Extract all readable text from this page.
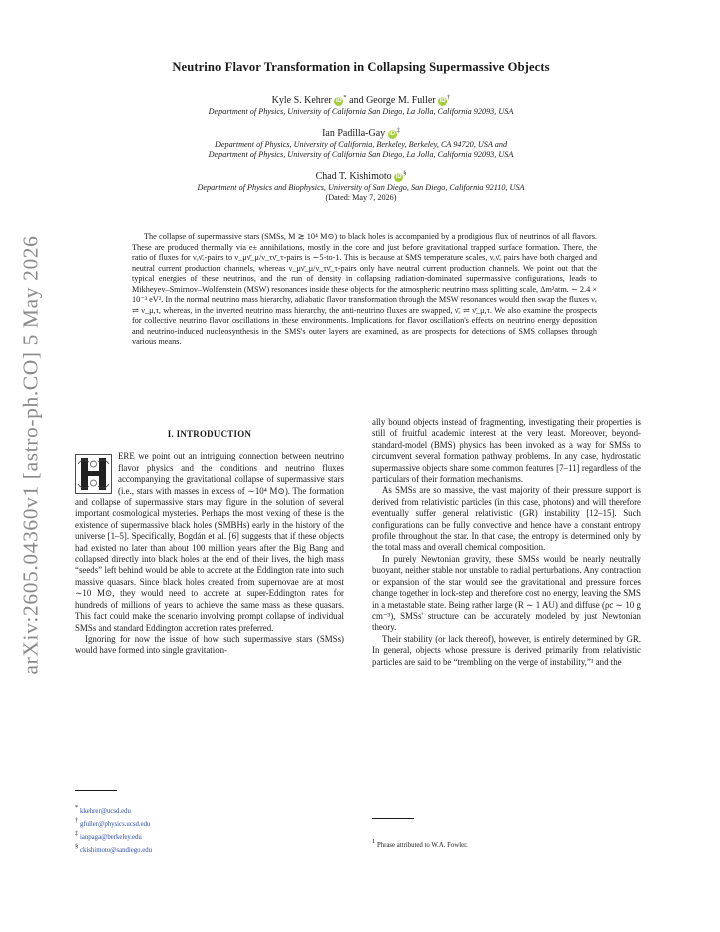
arXiv:2605.04360v1 [astro-ph.CO] 5 May 2026
Neutrino Flavor Transformation in Collapsing Supermassive Objects
Kyle S. Kehrer iD * and George M. Fuller iD †
Department of Physics, University of California San Diego, La Jolla, California 92093, USA
Ian Padilla-Gay iD ‡
Department of Physics, University of California, Berkeley, Berkeley, CA 94720, USA and
Department of Physics, University of California San Diego, La Jolla, California 92093, USA
Chad T. Kishimoto iD §
Department of Physics and Biophysics, University of San Diego, San Diego, California 92110, USA
(Dated: May 7, 2026)
The collapse of supermassive stars (SMSs, M ≳ 10⁴ M⊙) to black holes is accompanied by a prodigious flux of neutrinos of all flavors. These are produced thermally via e± annihilations, mostly in the core and just before gravitational trapped surface formation. There, the ratio of fluxes for νₑν̄ₑ-pairs to ν_μν̄_μ/ν_τν̄_τ-pairs is ∼5-to-1. This is because at SMS temperature scales, νₑν̄ₑ pairs have both charged and neutral current production channels, whereas ν_μν̄_μ/ν_τν̄_τ-pairs only have neutral current production channels. We point out that the typical energies of these neutrinos, and the run of density in collapsing radiation-dominated supermassive configurations, leads to Mikheyev–Smirnov–Wolfenstein (MSW) resonances inside these objects for the atmospheric neutrino mass splitting scale, Δm²atm. ∼ 2.4 × 10⁻³ eV². In the normal neutrino mass hierarchy, adiabatic flavor transformation through the MSW resonances would then swap the fluxes νₑ ⇌ ν_μ,τ, whereas, in the inverted neutrino mass hierarchy, the anti-neutrino fluxes are swapped, ν̄ₑ ⇌ ν̄_μ,τ. We also examine the prospects for collective neutrino flavor oscillations in these environments. Implications for flavor oscillation's effects on neutrino energy deposition and neutrino-induced nucleosynthesis in the SMS's outer layers are examined, as are prospects for detections of SMS collapses through various means.
I. INTRODUCTION

ERE we point out an intriguing connection between neutrino flavor physics and the conditions and neutrino fluxes accompanying the gravitational collapse of supermassive stars (i.e., stars with masses in excess of ∼10⁴ M⊙). The formation and collapse of supermassive stars may figure in the solution of several important cosmological mysteries. Perhaps the most vexing of these is the existence of supermassive black holes (SMBHs) early in the history of the universe [1–5]. Specifically, Bogdán et al. [6] suggests that if these objects had existed no later than about 100 million years after the Big Bang and collapsed directly into black holes at the end of their lives, the high mass “seeds” left behind would be able to accrete at the Eddington rate into such massive quasars. Since black holes created from supernovae are at most ∼10 M⊙, they would need to accrete at super-Eddington rates for hundreds of millions of years to achieve the same mass as these quasars. This fact could make the scenario involving prompt collapse of individual SMSs and standard Eddington accretion rates preferred.

Ignoring for now the issue of how such supermassive stars (SMSs) would have formed into single gravitation-

ally bound objects instead of fragmenting, investigating their properties is still of fruitful academic interest at the very least. Moreover, beyond-standard-model (BMS) physics has been invoked as a way for SMSs to circumvent several formation pathway problems. In any case, hydrostatic supermassive objects share some common features [7–11] regardless of the particulars of their formation mechanisms.

As SMSs are so massive, the vast majority of their pressure support is derived from relativistic particles (in this case, photons) and will therefore eventually suffer general relativistic (GR) instability [12–15]. Such configurations can be fully convective and hence have a constant entropy profile throughout the star. In that case, the entropy is determined only by the total mass and overall chemical composition.

In purely Newtonian gravity, these SMSs would be nearly neutrally buoyant, neither stable nor unstable to radial perturbations. Any contraction or expansion of the star would see the gravitational and pressure forces change together in lock-step and therefore cost no energy, leaving the SMS in a metastable state. Being rather large (R ∼ 1 AU) and diffuse (ρc ∼ 10 g cm⁻³), SMSs' structure can be accurately modeled by just Newtonian theory.

Their stability (or lack thereof), however, is entirely determined by GR. In general, objects whose pressure is derived primarily from relativistic particles are said to be “trembling on the verge of instability,”¹ and the

* kkehrer@ucsd.edu
† gfuller@physics.ucsd.edu
‡ ianpaga@berkeley.edu
§ ckishimoto@sandiego.edu
1 Phrase attributed to W.A. Fowler.
